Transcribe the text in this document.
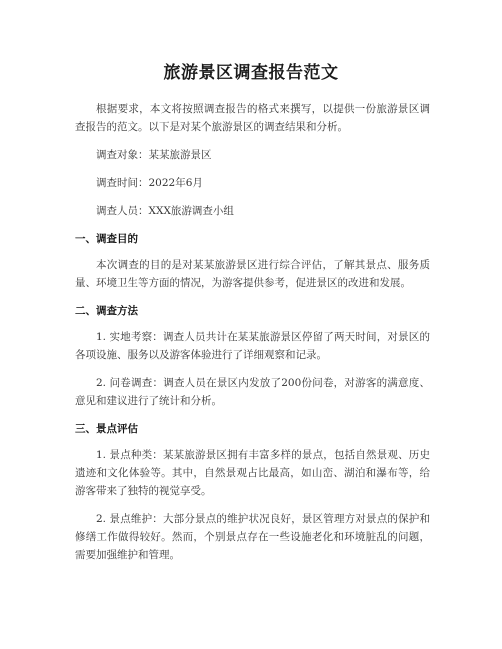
旅游景区调查报告范文

根据要求，本文将按照调查报告的格式来撰写，以提供一份旅游景区调查报告的范文。以下是对某个旅游景区的调查结果和分析。

调查对象：某某旅游景区

调查时间：2022年6月

调查人员：XXX旅游调查小组

一、调查目的

本次调查的目的是对某某旅游景区进行综合评估，了解其景点、服务质量、环境卫生等方面的情况，为游客提供参考，促进景区的改进和发展。

二、调查方法

1. 实地考察：调查人员共计在某某旅游景区停留了两天时间，对景区的各项设施、服务以及游客体验进行了详细观察和记录。

2. 问卷调查：调查人员在景区内发放了200份问卷，对游客的满意度、意见和建议进行了统计和分析。

三、景点评估

1. 景点种类：某某旅游景区拥有丰富多样的景点，包括自然景观、历史遗迹和文化体验等。其中，自然景观占比最高，如山峦、湖泊和瀑布等，给游客带来了独特的视觉享受。

2. 景点维护：大部分景点的维护状况良好，景区管理方对景点的保护和修缮工作做得较好。然而，个别景点存在一些设施老化和环境脏乱的问题，需要加强维护和管理。
